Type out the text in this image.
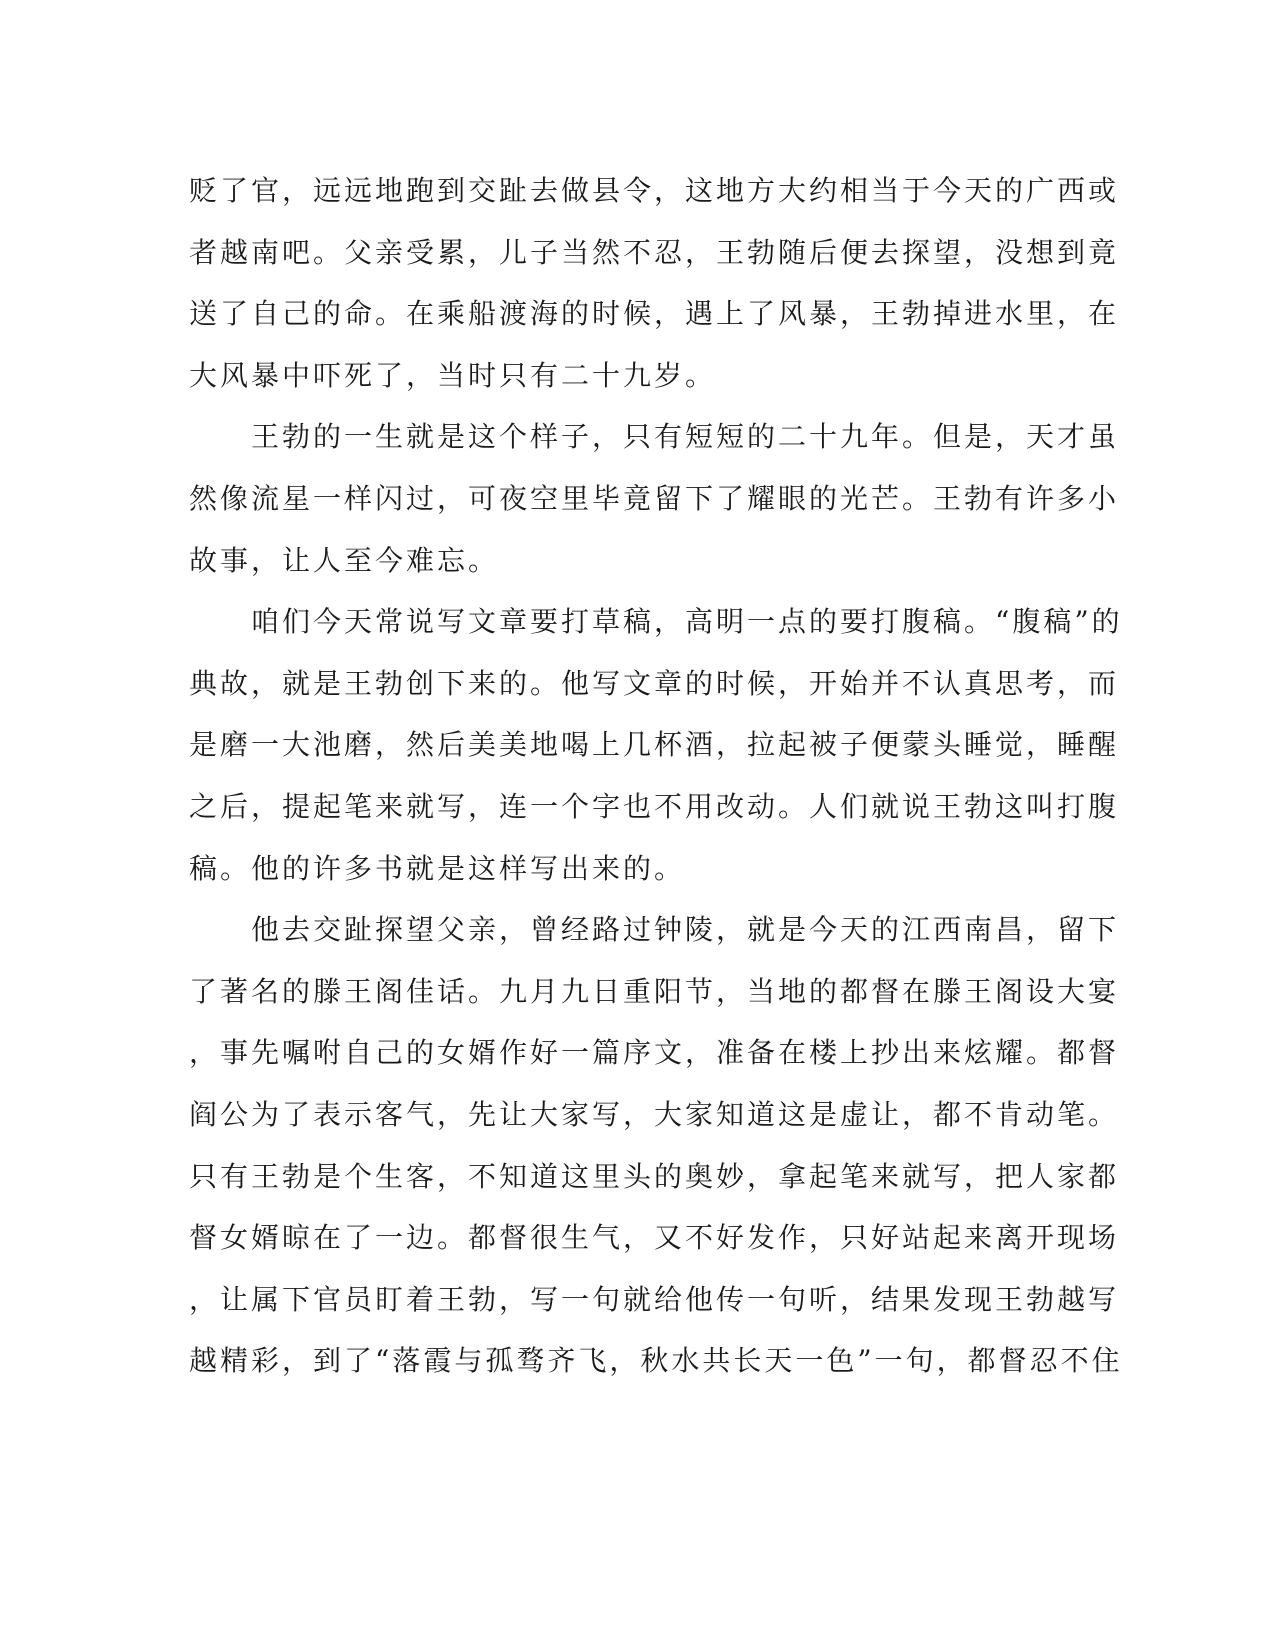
贬了官，远远地跑到交趾去做县令，这地方大约相当于今天的广西或
者越南吧。父亲受累，儿子当然不忍，王勃随后便去探望，没想到竟
送了自己的命。在乘船渡海的时候，遇上了风暴，王勃掉进水里，在
大风暴中吓死了，当时只有二十九岁。
　　王勃的一生就是这个样子，只有短短的二十九年。但是，天才虽
然像流星一样闪过，可夜空里毕竟留下了耀眼的光芒。王勃有许多小
故事，让人至今难忘。
　　咱们今天常说写文章要打草稿，高明一点的要打腹稿。“腹稿”的
典故，就是王勃创下来的。他写文章的时候，开始并不认真思考，而
是磨一大池磨，然后美美地喝上几杯酒，拉起被子便蒙头睡觉，睡醒
之后，提起笔来就写，连一个字也不用改动。人们就说王勃这叫打腹
稿。他的许多书就是这样写出来的。
　　他去交趾探望父亲，曾经路过钟陵，就是今天的江西南昌，留下
了著名的滕王阁佳话。九月九日重阳节，当地的都督在滕王阁设大宴
，事先嘱咐自己的女婿作好一篇序文，准备在楼上抄出来炫耀。都督
阎公为了表示客气，先让大家写，大家知道这是虚让，都不肯动笔。
只有王勃是个生客，不知道这里头的奥妙，拿起笔来就写，把人家都
督女婿晾在了一边。都督很生气，又不好发作，只好站起来离开现场
，让属下官员盯着王勃，写一句就给他传一句听，结果发现王勃越写
越精彩，到了“落霞与孤骛齐飞，秋水共长天一色”一句，都督忍不住
